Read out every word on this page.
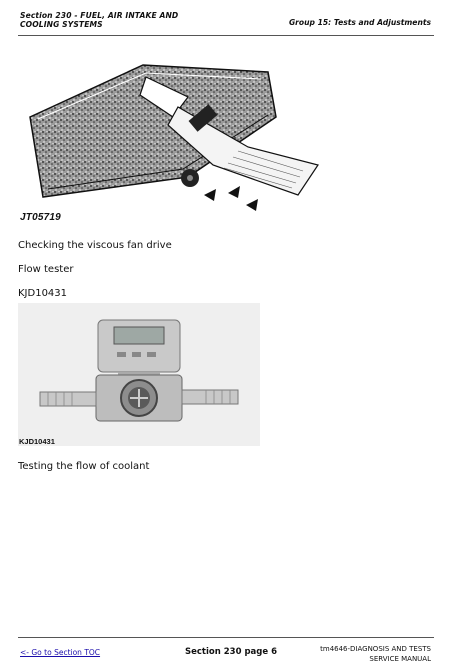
Section 230 - FUEL, AIR INTAKE AND COOLING SYSTEMS	Group 15: Tests and Adjustments
JT05719
Checking the viscous fan drive
Flow tester
KJD10431
KJD10431
Testing the flow of coolant
<- Go to Section TOC	Section 230 page 6	tm4646-DIAGNOSIS AND TESTS
SERVICE MANUAL
